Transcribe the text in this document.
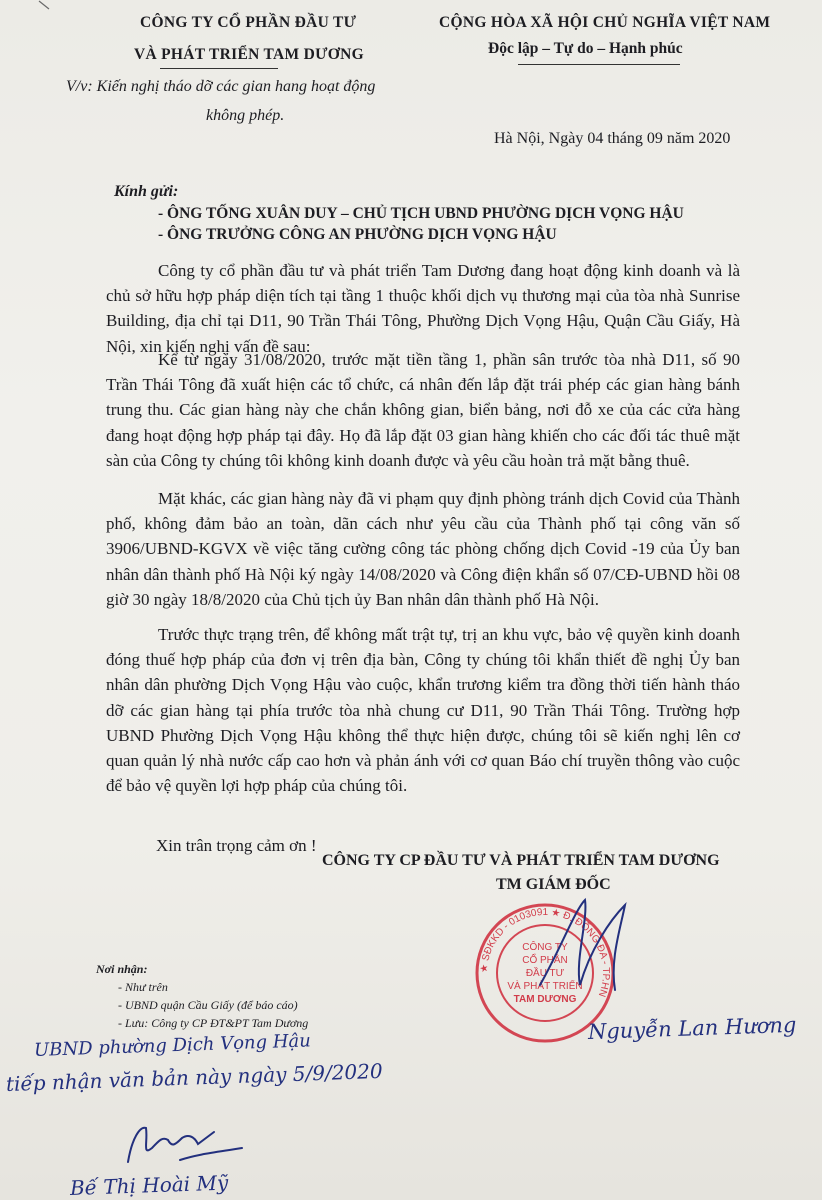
CÔNG TY CỔ PHẦN ĐẦU TƯ
VÀ PHÁT TRIỂN TAM DƯƠNG
V/v: Kiến nghị tháo dỡ các gian hang hoạt động
không phép.
CỘNG HÒA XÃ HỘI CHỦ NGHĨA VIỆT NAM
Độc lập – Tự do – Hạnh phúc
Hà Nội, Ngày 04 tháng 09 năm 2020
Kính gửi:
- ÔNG TỐNG XUÂN DUY – CHỦ TỊCH UBND PHƯỜNG DỊCH VỌNG HẬU
- ÔNG TRƯỞNG CÔNG AN PHƯỜNG DỊCH VỌNG HẬU

Công ty cổ phần đầu tư và phát triển Tam Dương đang hoạt động kinh doanh và là chủ sở hữu hợp pháp diện tích tại tầng 1 thuộc khối dịch vụ thương mại của tòa nhà Sunrise Building, địa chỉ tại D11, 90 Trần Thái Tông, Phường Dịch Vọng Hậu, Quận Cầu Giấy, Hà Nội, xin kiến nghị vấn đề sau:

Kể từ ngày 31/08/2020, trước mặt tiền tầng 1, phần sân trước tòa nhà D11, số 90 Trần Thái Tông đã xuất hiện các tổ chức, cá nhân đến lắp đặt trái phép các gian hàng bánh trung thu. Các gian hàng này che chắn không gian, biển bảng, nơi đỗ xe của các cửa hàng đang hoạt động hợp pháp tại đây. Họ đã lắp đặt 03 gian hàng khiến cho các đối tác thuê mặt sàn của Công ty chúng tôi không kinh doanh được và yêu cầu hoàn trả mặt bằng thuê.

Mặt khác, các gian hàng này đã vi phạm quy định phòng tránh dịch Covid của Thành phố, không đảm bảo an toàn, dãn cách như yêu cầu của Thành phố tại công văn số 3906/UBND-KGVX về việc tăng cường công tác phòng chống dịch Covid -19 của Ủy ban nhân dân thành phố Hà Nội ký ngày 14/08/2020 và Công điện khẩn số 07/CĐ-UBND hồi 08 giờ 30 ngày 18/8/2020 của Chủ tịch ủy Ban nhân dân thành phố Hà Nội.

Trước thực trạng trên, để không mất trật tự, trị an khu vực, bảo vệ quyền kinh doanh đóng thuế hợp pháp của đơn vị trên địa bàn, Công ty chúng tôi khẩn thiết đề nghị Ủy ban nhân dân phường Dịch Vọng Hậu vào cuộc, khẩn trương kiểm tra đồng thời tiến hành tháo dỡ các gian hàng tại phía trước tòa nhà chung cư D11, 90 Trần Thái Tông. Trường hợp UBND Phường Dịch Vọng Hậu không thể thực hiện được, chúng tôi sẽ kiến nghị lên cơ quan quản lý nhà nước cấp cao hơn và phản ánh với cơ quan Báo chí truyền thông vào cuộc để bảo vệ quyền lợi hợp pháp của chúng tôi.

Xin trân trọng cảm ơn !
CÔNG TY CP ĐẦU TƯ VÀ PHÁT TRIỂN TAM DƯƠNG
TM GIÁM ĐỐC
★ SĐKKD - 0103091 ★ Đ. ĐỐNG ĐA - TP.HN
CÔNG TY
CỔ PHẦN
ĐẦU TƯ
VÀ PHÁT TRIỂN
TAM DƯƠNG
Nguyễn Lan Hương
Nơi nhận:
- Như trên
- UBND quận Cầu Giấy (để báo cáo)
- Lưu: Công ty CP ĐT&PT Tam Dương
UBND phường Dịch Vọng Hậu
tiếp nhận văn bản này ngày 5/9/2020
Bế Thị Hoài Mỹ
